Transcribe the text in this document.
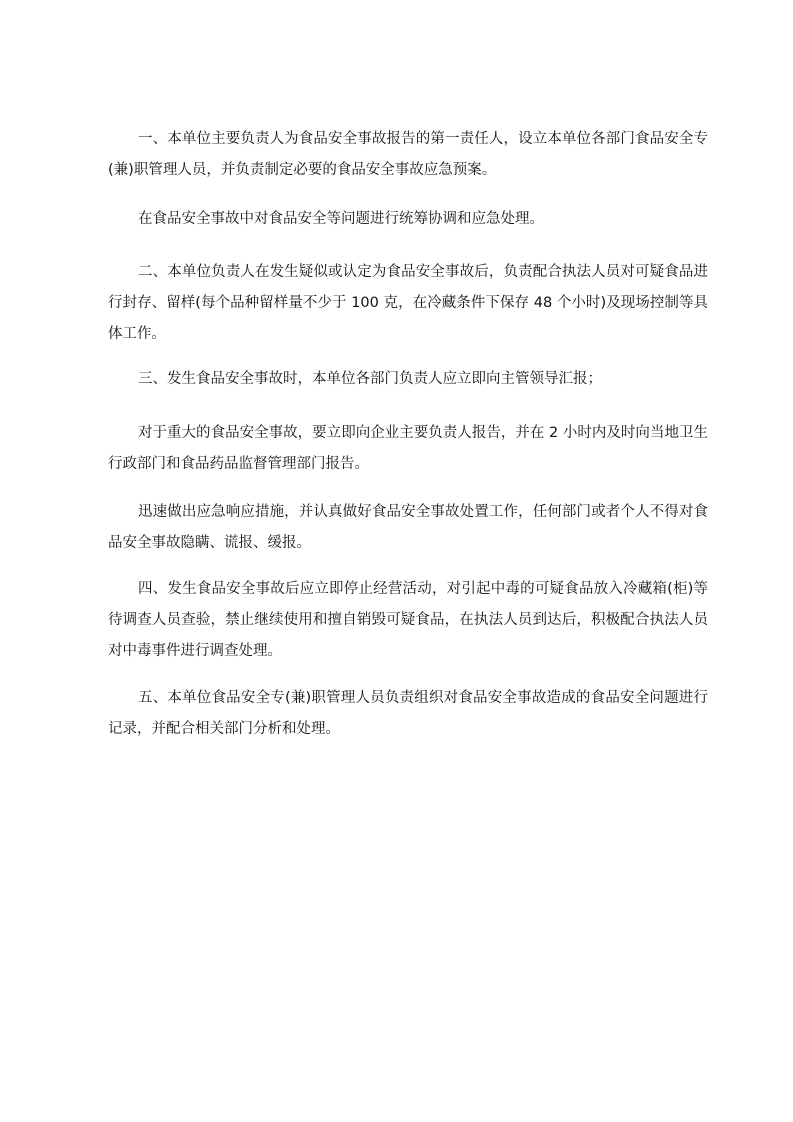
一、本单位主要负责人为食品安全事故报告的第一责任人，设立本单位各部门食品安全专(兼)职管理人员，并负责制定必要的食品安全事故应急预案。

在食品安全事故中对食品安全等问题进行统筹协调和应急处理。

二、本单位负责人在发生疑似或认定为食品安全事故后，负责配合执法人员对可疑食品进行封存、留样(每个品种留样量不少于 100 克，在冷藏条件下保存 48 个小时)及现场控制等具体工作。

三、发生食品安全事故时，本单位各部门负责人应立即向主管领导汇报；

对于重大的食品安全事故，要立即向企业主要负责人报告，并在 2 小时内及时向当地卫生行政部门和食品药品监督管理部门报告。

迅速做出应急响应措施，并认真做好食品安全事故处置工作，任何部门或者个人不得对食品安全事故隐瞒、谎报、缓报。

四、发生食品安全事故后应立即停止经营活动，对引起中毒的可疑食品放入冷藏箱(柜)等待调查人员查验，禁止继续使用和擅自销毁可疑食品，在执法人员到达后，积极配合执法人员对中毒事件进行调查处理。

五、本单位食品安全专(兼)职管理人员负责组织对食品安全事故造成的食品安全问题进行记录，并配合相关部门分析和处理。
